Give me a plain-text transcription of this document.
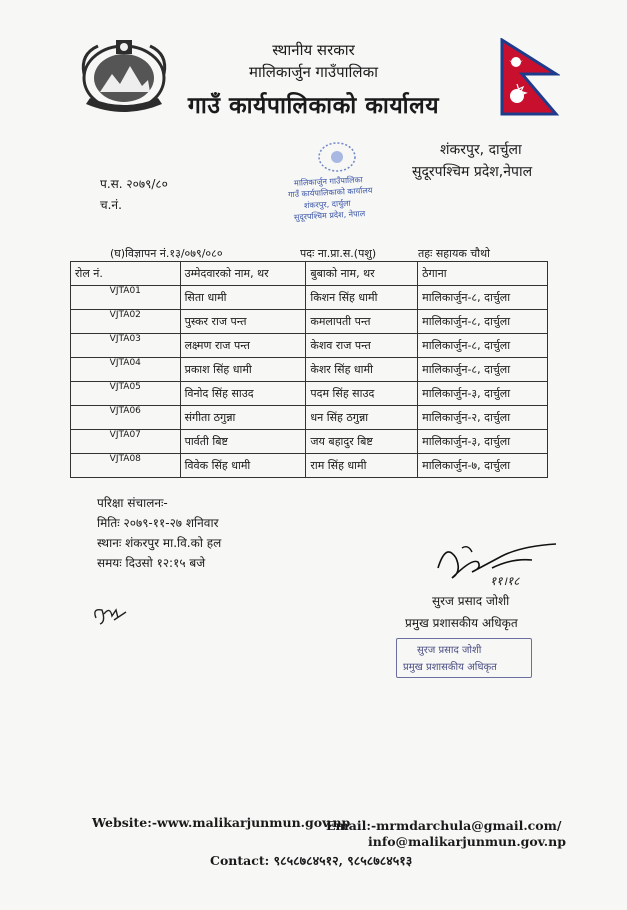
स्थानीय सरकार
मालिकार्जुन गाउँपालिका
गाउँ कार्यपालिकाको कार्यालय
शंकरपुर, दार्चुला
सुदूरपश्चिम प्रदेश,नेपाल
मालिकार्जुन गाउँपालिका
गाउँ कार्यपालिकाको कार्यालय
शंकरपुर, दार्चुला
सुदूरपश्चिम प्रदेश, नेपाल
प.स. २०७९/८०
च.नं.
(घ)विज्ञापन नं.१३/०७९/०८०	पदः ना.प्रा.स.(पशु)	तहः सहायक चौथो
रोल नं.	उम्मेदवारको नाम, थर	बुबाको नाम, थर	ठेगाना
VJTA01	सिता धामी	किशन सिंह धामी	मालिकार्जुन-८, दार्चुला
VJTA02	पुस्कर राज पन्त	कमलापती पन्त	मालिकार्जुन-८, दार्चुला
VJTA03	लक्ष्मण राज पन्त	केशव राज पन्त	मालिकार्जुन-८, दार्चुला
VJTA04	प्रकाश सिंह धामी	केशर सिंह धामी	मालिकार्जुन-८, दार्चुला
VJTA05	विनोद सिंह साउद	पदम सिंह साउद	मालिकार्जुन-३, दार्चुला
VJTA06	संगीता ठगुन्ना	धन सिंह ठगुन्ना	मालिकार्जुन-२, दार्चुला
VJTA07	पार्वती बिष्ट	जय बहादुर बिष्ट	मालिकार्जुन-३, दार्चुला
VJTA08	विवेक सिंह धामी	राम सिंह धामी	मालिकार्जुन-७, दार्चुला
परिक्षा संचालनः-
मितिः २०७९-११-२७ शनिवार
स्थानः शंकरपुर मा.वि.को हल
समयः दिउसो १२:१५ बजे
११।१८
सुरज प्रसाद जोशी
प्रमुख प्रशासकीय अधिकृत
सुरज प्रसाद जोशी
प्रमुख प्रशासकीय अधिकृत
Website:-www.malikarjunmun.gov.np
Email:-mrmdarchula@gmail.com/
info@malikarjunmun.gov.np
Contact: ९८५८७८४५१२, ९८५८७८४५१३
